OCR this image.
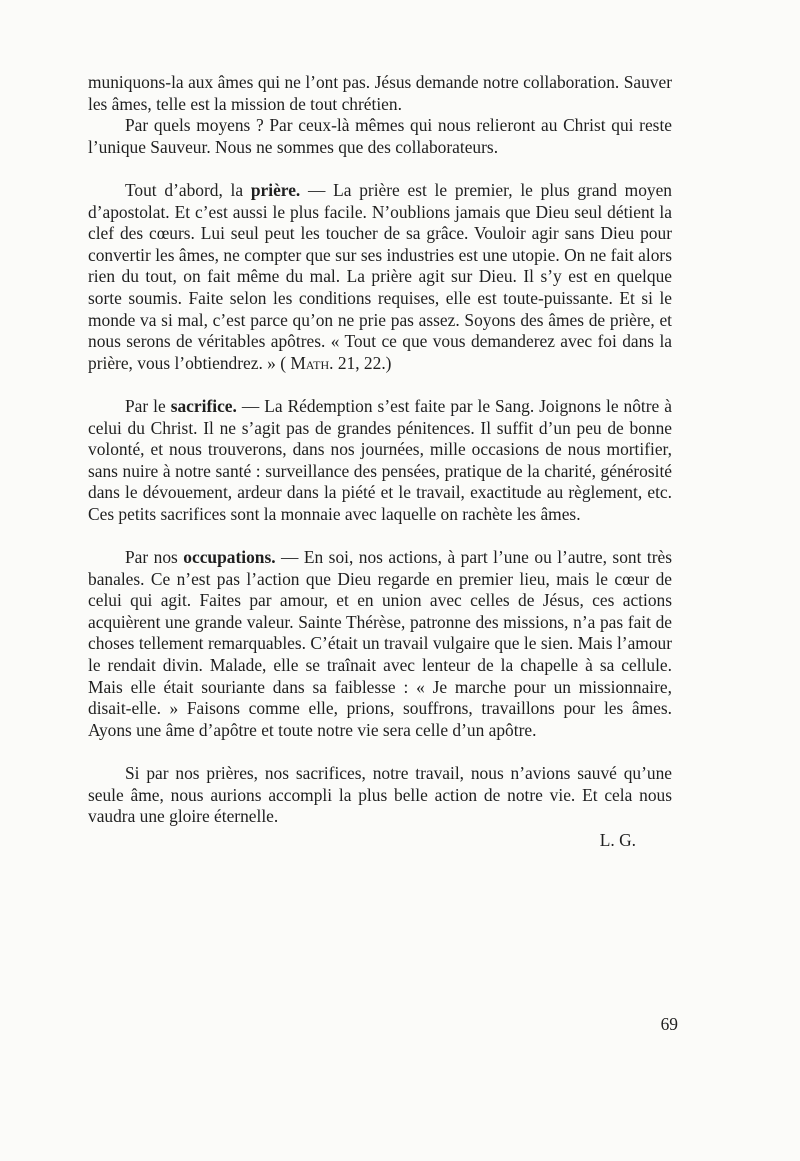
muniquons-la aux âmes qui ne l’ont pas. Jésus demande notre collaboration. Sauver les âmes, telle est la mission de tout chrétien.

Par quels moyens ? Par ceux-là mêmes qui nous relieront au Christ qui reste l’unique Sauveur. Nous ne sommes que des collaborateurs.

Tout d’abord, la prière. — La prière est le premier, le plus grand moyen d’apostolat. Et c’est aussi le plus facile. N’oublions jamais que Dieu seul détient la clef des cœurs. Lui seul peut les toucher de sa grâce. Vouloir agir sans Dieu pour convertir les âmes, ne compter que sur ses industries est une utopie. On ne fait alors rien du tout, on fait même du mal. La prière agit sur Dieu. Il s’y est en quelque sorte soumis. Faite selon les conditions requises, elle est toute-puissante. Et si le monde va si mal, c’est parce qu’on ne prie pas assez. Soyons des âmes de prière, et nous serons de véritables apôtres. « Tout ce que vous demanderez avec foi dans la prière, vous l’obtiendrez. » ( Math. 21, 22.)

Par le sacrifice. — La Rédemption s’est faite par le Sang. Joignons le nôtre à celui du Christ. Il ne s’agit pas de grandes pénitences. Il suffit d’un peu de bonne volonté, et nous trouverons, dans nos journées, mille occasions de nous mortifier, sans nuire à notre santé : surveillance des pensées, pratique de la charité, générosité dans le dévouement, ardeur dans la piété et le travail, exactitude au règlement, etc. Ces petits sacrifices sont la monnaie avec laquelle on rachète les âmes.

Par nos occupations. — En soi, nos actions, à part l’une ou l’autre, sont très banales. Ce n’est pas l’action que Dieu regarde en premier lieu, mais le cœur de celui qui agit. Faites par amour, et en union avec celles de Jésus, ces actions acquièrent une grande valeur. Sainte Thérèse, patronne des missions, n’a pas fait de choses tellement remarquables. C’était un travail vulgaire que le sien. Mais l’amour le rendait divin. Malade, elle se traînait avec lenteur de la chapelle à sa cellule. Mais elle était souriante dans sa faiblesse : « Je marche pour un missionnaire, disait-elle. » Faisons comme elle, prions, souffrons, travaillons pour les âmes. Ayons une âme d’apôtre et toute notre vie sera celle d’un apôtre.

Si par nos prières, nos sacrifices, notre travail, nous n’avions sauvé qu’une seule âme, nous aurions accompli la plus belle action de notre vie. Et cela nous vaudra une gloire éternelle.

L. G.

69
